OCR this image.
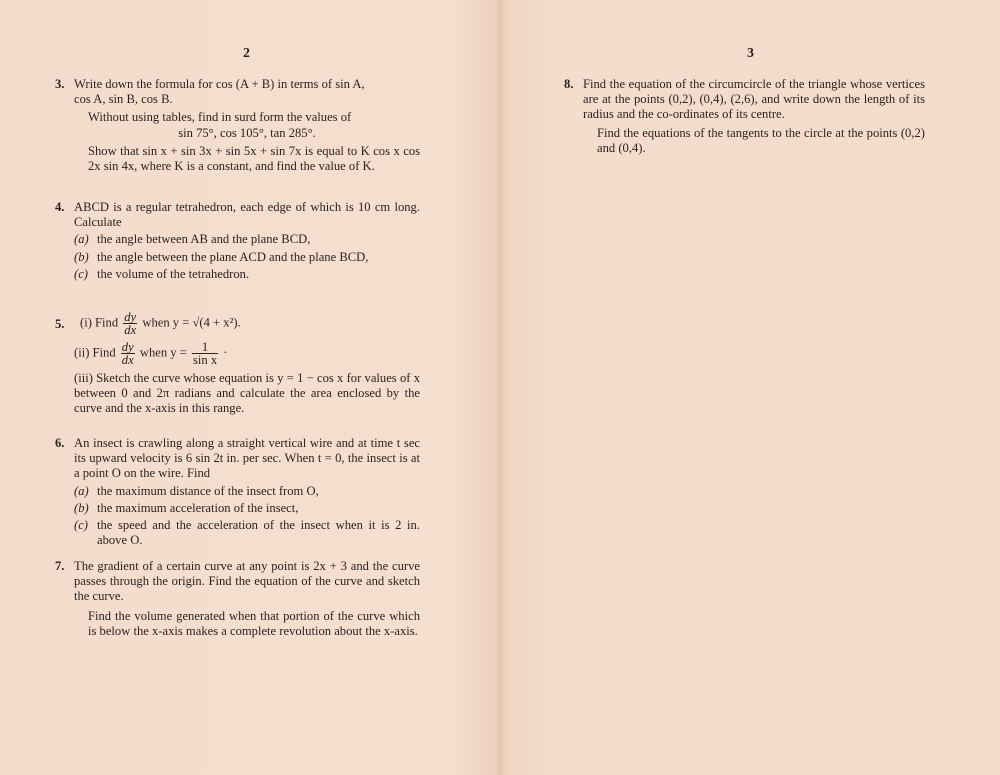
2
3. Write down the formula for cos (A + B) in terms of sin A,
cos A, sin B, cos B.
Without using tables, find in surd form the values of
sin 75°, cos 105°, tan 285°.
Show that sin x + sin 3x + sin 5x + sin 7x is equal to K cos x cos 2x sin 4x, where K is a constant, and find the value of K.
4. ABCD is a regular tetrahedron, each edge of which is 10 cm long. Calculate
(a) the angle between AB and the plane BCD,
(b) the angle between the plane ACD and the plane BCD,
(c) the volume of the tetrahedron.
5. (i) Find $\frac{dy}{dx}$ when y = √(4 + x²).
(ii) Find $\frac{dy}{dx}$ when $y = \frac{1}{\text{sin x}}$ ·
(iii) Sketch the curve whose equation is y = 1 − cos x for values of x between 0 and 2π radians and calculate the area enclosed by the curve and the x-axis in this range.
6. An insect is crawling along a straight vertical wire and at time t sec its upward velocity is 6 sin 2t in. per sec. When t = 0, the insect is at a point O on the wire. Find
(a) the maximum distance of the insect from O,
(b) the maximum acceleration of the insect,
(c) the speed and the acceleration of the insect when it is 2 in. above O.
7. The gradient of a certain curve at any point is 2x + 3 and the curve passes through the origin. Find the equation of the curve and sketch the curve.
Find the volume generated when that portion of the curve which is below the x-axis makes a complete revolution about the x-axis.
3
8. Find the equation of the circumcircle of the triangle whose vertices are at the points (0,2), (0,4), (2,6), and write down the length of its radius and the co-ordinates of its centre.
Find the equations of the tangents to the circle at the points (0,2) and (0,4).
